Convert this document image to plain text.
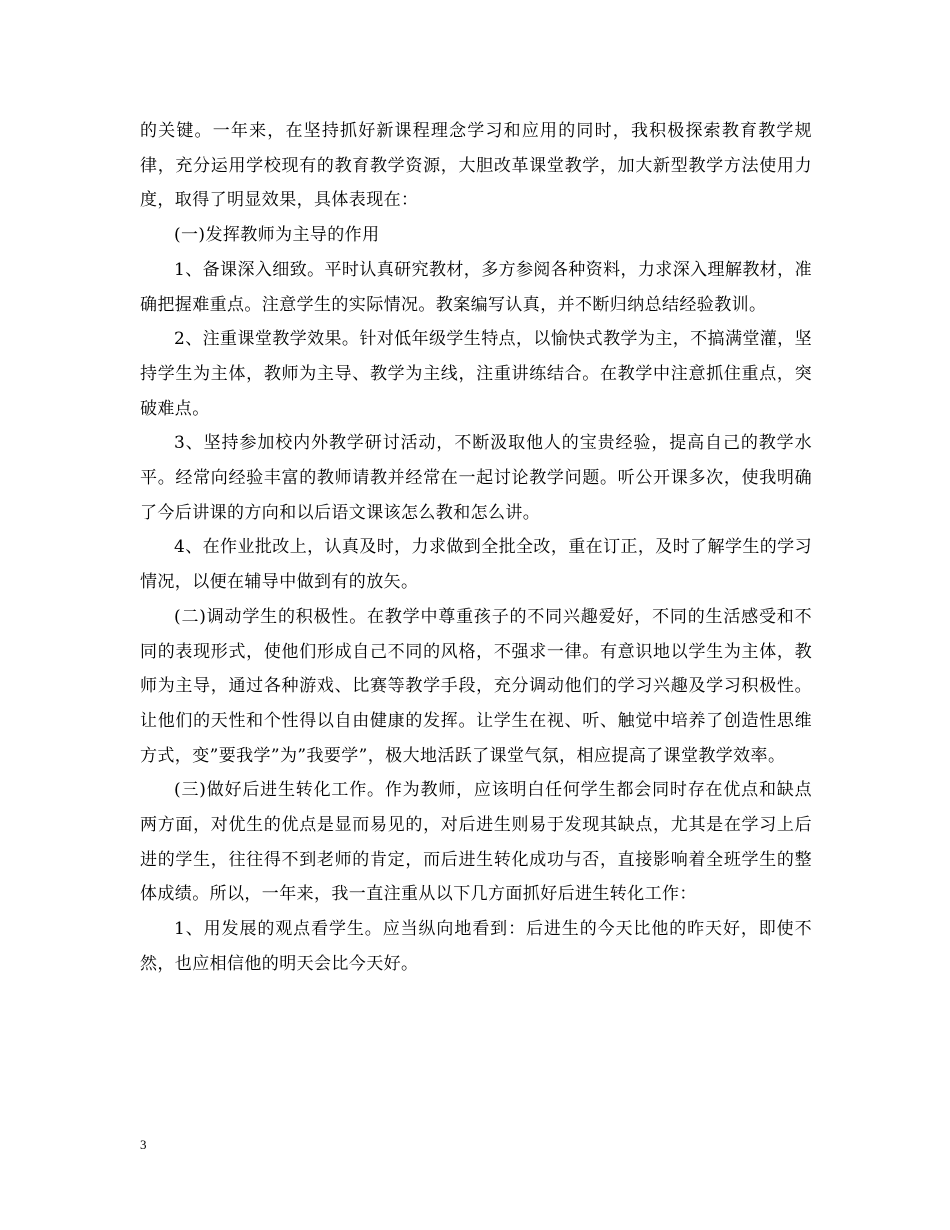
的关键。一年来，在坚持抓好新课程理念学习和应用的同时，我积极探索教育教学规律，充分运用学校现有的教育教学资源，大胆改革课堂教学，加大新型教学方法使用力度，取得了明显效果，具体表现在：

(一)发挥教师为主导的作用

1、备课深入细致。平时认真研究教材，多方参阅各种资料，力求深入理解教材，准确把握难重点。注意学生的实际情况。教案编写认真，并不断归纳总结经验教训。

2、注重课堂教学效果。针对低年级学生特点，以愉快式教学为主，不搞满堂灌，坚持学生为主体，教师为主导、教学为主线，注重讲练结合。在教学中注意抓住重点，突破难点。

3、坚持参加校内外教学研讨活动，不断汲取他人的宝贵经验，提高自己的教学水平。经常向经验丰富的教师请教并经常在一起讨论教学问题。听公开课多次，使我明确了今后讲课的方向和以后语文课该怎么教和怎么讲。

4、在作业批改上，认真及时，力求做到全批全改，重在订正，及时了解学生的学习情况，以便在辅导中做到有的放矢。

(二)调动学生的积极性。在教学中尊重孩子的不同兴趣爱好，不同的生活感受和不同的表现形式，使他们形成自己不同的风格，不强求一律。有意识地以学生为主体，教师为主导，通过各种游戏、比赛等教学手段，充分调动他们的学习兴趣及学习积极性。让他们的天性和个性得以自由健康的发挥。让学生在视、听、触觉中培养了创造性思维方式，变”要我学”为”我要学”，极大地活跃了课堂气氛，相应提高了课堂教学效率。

(三)做好后进生转化工作。作为教师，应该明白任何学生都会同时存在优点和缺点两方面，对优生的优点是显而易见的，对后进生则易于发现其缺点，尤其是在学习上后进的学生，往往得不到老师的肯定，而后进生转化成功与否，直接影响着全班学生的整体成绩。所以，一年来，我一直注重从以下几方面抓好后进生转化工作：

1、用发展的观点看学生。应当纵向地看到：后进生的今天比他的昨天好，即使不然，也应相信他的明天会比今天好。

3
